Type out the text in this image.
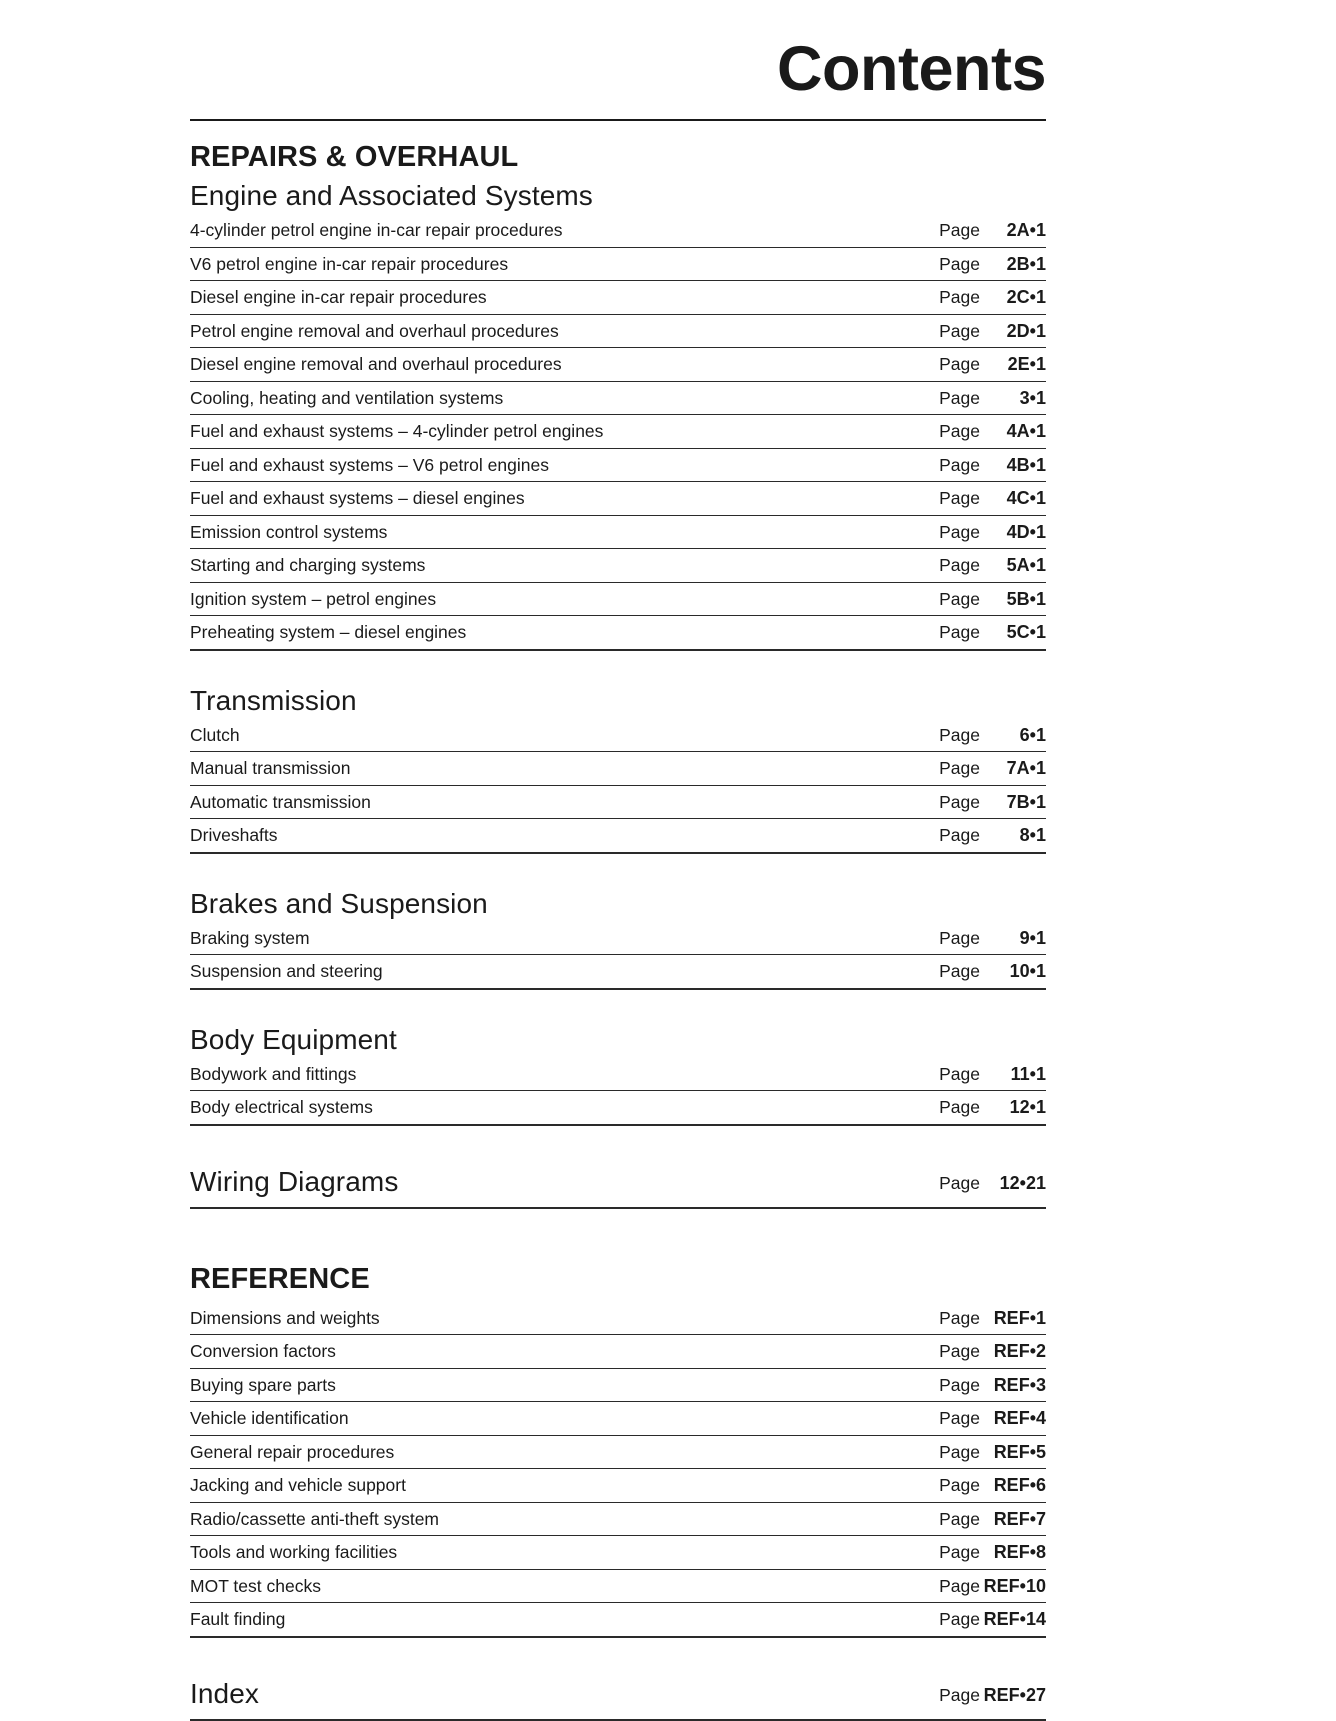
Contents
REPAIRS & OVERHAUL
Engine and Associated Systems
4-cylinder petrol engine in-car repair procedures	Page	2A•1
V6 petrol engine in-car repair procedures	Page	2B•1
Diesel engine in-car repair procedures	Page	2C•1
Petrol engine removal and overhaul procedures	Page	2D•1
Diesel engine removal and overhaul procedures	Page	2E•1
Cooling, heating and ventilation systems	Page	3•1
Fuel and exhaust systems – 4-cylinder petrol engines	Page	4A•1
Fuel and exhaust systems – V6 petrol engines	Page	4B•1
Fuel and exhaust systems – diesel engines	Page	4C•1
Emission control systems	Page	4D•1
Starting and charging systems	Page	5A•1
Ignition system – petrol engines	Page	5B•1
Preheating system – diesel engines	Page	5C•1
Transmission
Clutch	Page	6•1
Manual transmission	Page	7A•1
Automatic transmission	Page	7B•1
Driveshafts	Page	8•1
Brakes and Suspension
Braking system	Page	9•1
Suspension and steering	Page	10•1
Body Equipment
Bodywork and fittings	Page	11•1
Body electrical systems	Page	12•1
Wiring Diagrams	Page	12•21
REFERENCE
Dimensions and weights	Page REF•1
Conversion factors	Page REF•2
Buying spare parts	Page REF•3
Vehicle identification	Page REF•4
General repair procedures	Page REF•5
Jacking and vehicle support	Page REF•6
Radio/cassette anti-theft system	Page REF•7
Tools and working facilities	Page REF•8
MOT test checks	Page REF•10
Fault finding	Page REF•14
Index	Page REF•27
